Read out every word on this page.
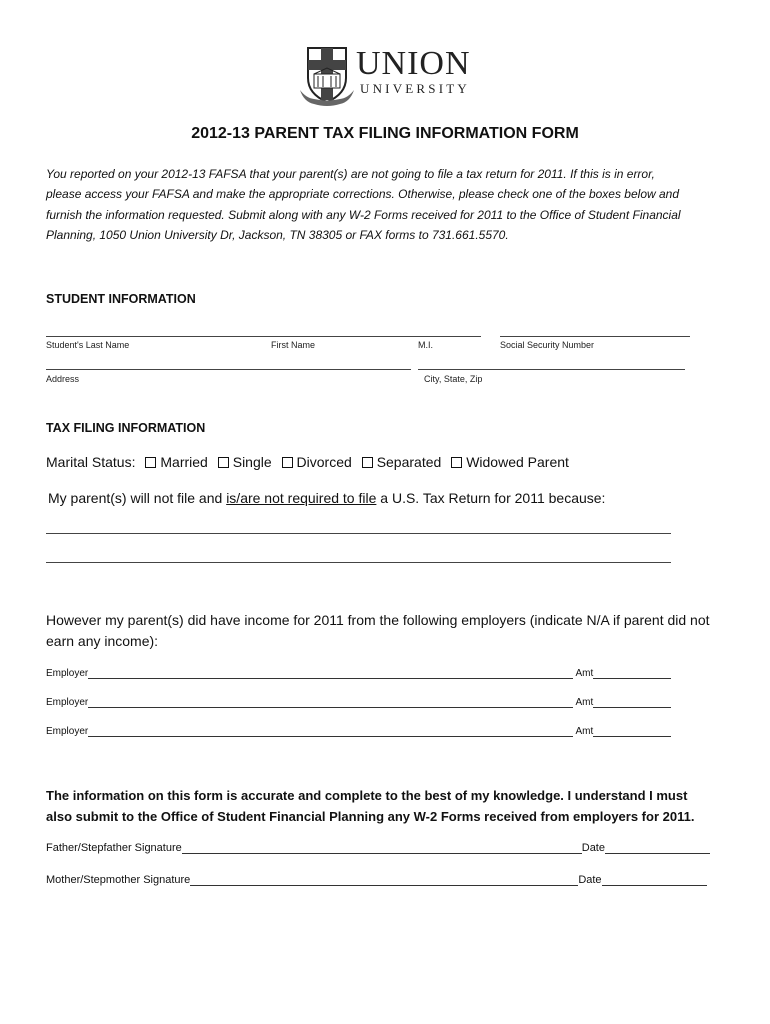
UNION
UNIVERSITY
2012-13 PARENT TAX FILING INFORMATION FORM

You reported on your 2012-13 FAFSA that your parent(s) are not going to file a tax return for 2011. If this is in error,

please access your FAFSA and make the appropriate corrections. Otherwise, please check one of the boxes below and

furnish the information requested. Submit along with any W-2 Forms received for 2011 to the Office of Student Financial

Planning, 1050 Union University Dr, Jackson, TN 38305 or FAX forms to 731.661.5570.

STUDENT INFORMATION
Student's Last Name	First Name	M.I.	Social Security Number
Address	City, State, Zip
TAX FILING INFORMATION
Marital Status: Married Single Divorced Separated Widowed Parent
My parent(s) will not file and is/are not required to file a U.S. Tax Return for 2011 because:
However my parent(s) did have income for 2011 from the following employers (indicate N/A if parent did not
earn any income):
Employer	Amt
Employer	Amt
Employer	Amt

The information on this form is accurate and complete to the best of my knowledge. I understand I must

also submit to the Office of Student Financial Planning any W-2 Forms received from employers for 2011.

Father/Stepfather Signature	Date
Mother/Stepmother Signature	Date
